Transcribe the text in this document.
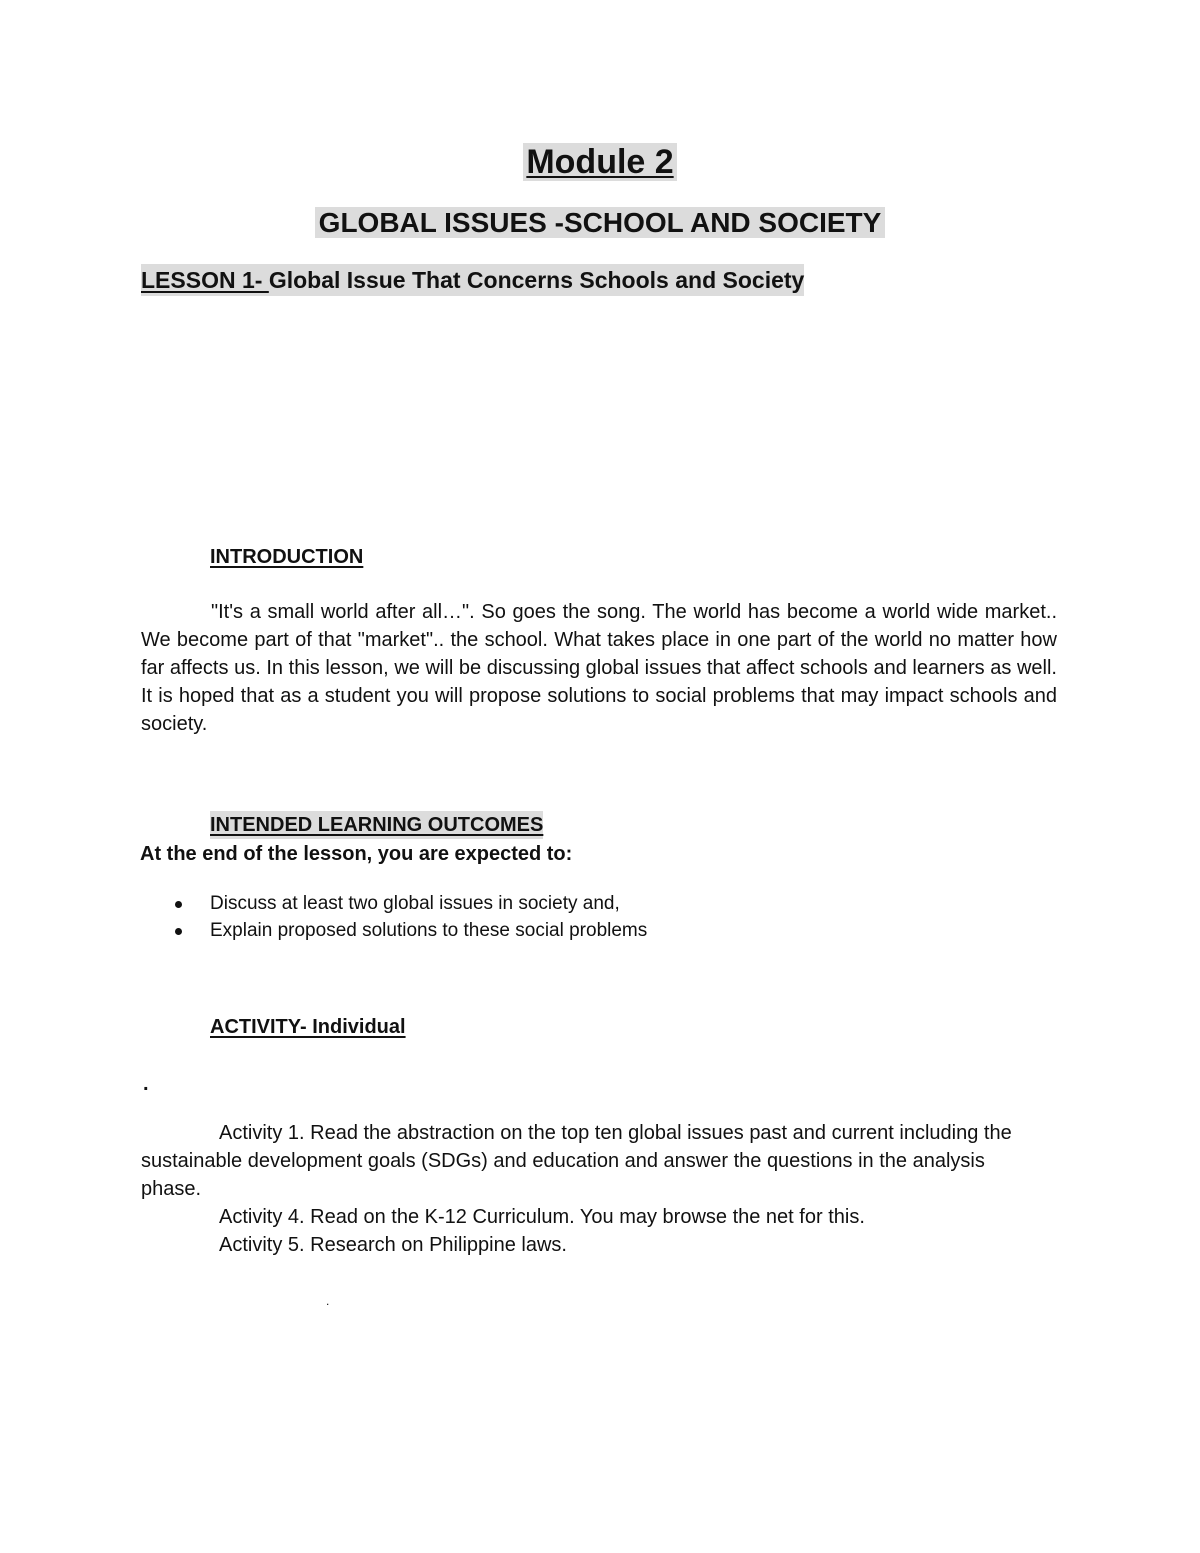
Module 2
GLOBAL ISSUES -SCHOOL AND SOCIETY
LESSON 1- Global Issue That Concerns Schools and Society
INTRODUCTION

"It's a small world after all…". So goes the song. The world has become a world wide market.. We become part of that "market".. the school. What takes place in one part of the world no matter how far affects us. In this lesson, we will be discussing global issues that affect schools and learners as well. It is hoped that as a student you will propose solutions to social problems that may impact schools and society.

INTENDED LEARNING OUTCOMES
At the end of the lesson, you are expected to:
Discuss at least two global issues in society and,
Explain proposed solutions to these social problems
ACTIVITY- Individual
.

Activity 1. Read the abstraction on the top ten global issues past and current including the sustainable development goals (SDGs) and education and answer the questions in the analysis phase.

Activity 4. Read on the K-12 Curriculum. You may browse the net for this.
Activity 5. Research on Philippine laws.
.
